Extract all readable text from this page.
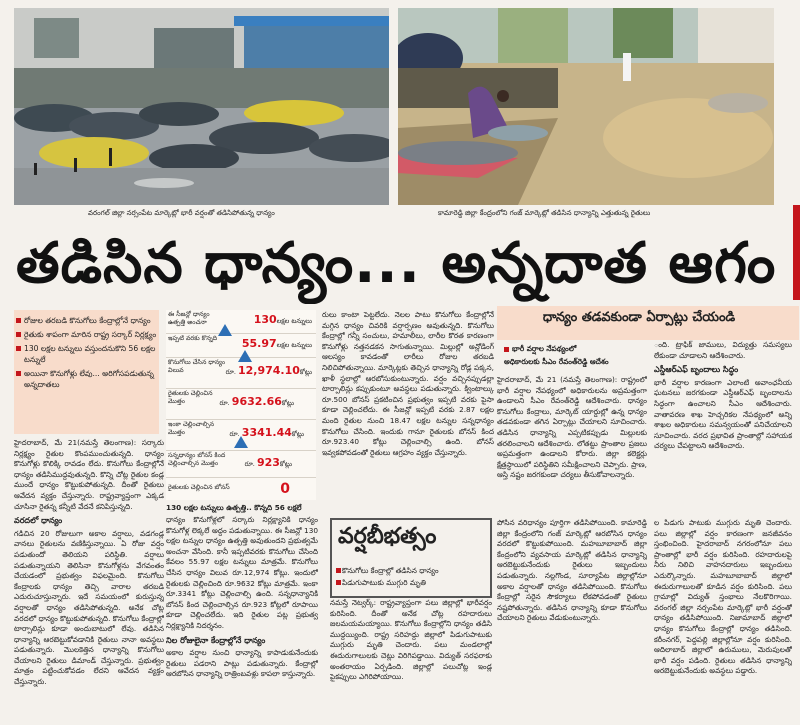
వరంగల్ జిల్లా నర్సంపేట మార్కెట్లో భారీ వర్షంతో తడిసిపోతున్న ధాన్యం	కామారెడ్డి జిల్లా కేంద్రంలోని గంజ్ మార్కెట్లో తడిసిన ధాన్యాన్ని ఎత్తుతున్న రైతులు
తడిసిన ధాన్యం... అన్నదాత ఆగం
రోజుల తరబడి కొనుగోలు కేంద్రాల్లోనే ధాన్యం
రైతుకు శాపంగా మారిన రాష్ట్ర సర్కార్ నిర్లక్ష్యం
130 లక్షల టన్నులు వస్తుందనుకొని 56 లక్షల టన్నులే
అయినా కొనుగోళ్లు లేవు... అరిగోసపడుతున్న అన్నదాతలు

హైదరాబాద్, మే 21(నమస్తే తెలంగాణ): సర్కారు నిర్లక్ష్యం రైతుల కొంపముంచుతున్నది. ధాన్యం కొనుగోళ్లు కొలిక్కి రావడం లేదు. కొనుగోలు కేంద్రాల్లోనే ధాన్యం తడిసిముద్దవుతున్నది. కొన్ని చోట్ల రైతుల కండ్ల ముందే ధాన్యం కొట్టుకుపోతున్నది. దీంతో రైతులు ఆవేదన వ్యక్తం చేస్తున్నారు. రాష్ట్రవ్యాప్తంగా ఎక్కడ చూసినా రైతన్న కన్నీటి వేదనే కనిపిస్తున్నది.

వరదలో ధాన్యం

గడిచిన 20 రోజులుగా అకాల వర్షాలు, వడగండ్ల వానలు రైతులను వణికిస్తున్నాయి. ఏ రోజు వర్షం పడుతుందో తెలియని పరిస్థితి. వర్షాలు పడుతున్నాయని తెలిసినా కొనుగోళ్లను వేగవంతం చేయడంలో ప్రభుత్వం విఫలమైంది. కొనుగోలు కేంద్రాలకు ధాన్యం తెచ్చి వారాల తరబడి ఎదురుచూస్తున్నారు. ఇదే సమయంలో కురుస్తున్న వర్షాలతో ధాన్యం తడిసిపోతున్నది. అనేక చోట్ల వరదలో ధాన్యం కొట్టుకుపోతున్నది. కొనుగోలు కేంద్రాల్లో టార్పాలిన్లు కూడా అందుబాటులో లేవు. తడిసిన ధాన్యాన్ని ఆరబెట్టుకోవడానికి రైతులు నానా అవస్థలు పడుతున్నారు. మొలకెత్తిన ధాన్యాన్ని కొనుగోలు చేయాలని రైతులు డిమాండ్ చేస్తున్నారు. ప్రభుత్వం మాత్రం పట్టించుకోవడం లేదని ఆవేదన వ్యక్తం చేస్తున్నారు.

ఈ సీజన్లో ధాన్యం ఉత్పత్తి అంచనా	130లక్షల టన్నులు
ఇప్పటి వరకు కొన్నది	55.97లక్షల టన్నులు
కొనుగోలు చేసిన ధాన్యం విలువ	రూ. 12,974.10కోట్లు
రైతులకు చెల్లించిన మొత్తం	రూ. 9632.66కోట్లు
ఇంకా చెల్లించాల్సిన మొత్తం	రూ. 3341.44కోట్లు
సన్నధాన్యం బోనస్ కింద చెల్లించాల్సిన మొత్తం	రూ. 923కోట్లు
రైతులకు చెల్లించిన బోనస్	0
130 లక్షల టన్నులు ఉత్పత్తి.. కొన్నది 56 లక్షలే

ధాన్యం కొనుగోళ్లలో సర్కారు నిర్లక్ష్యానికి ధాన్యం కొనుగోళ్ల లెక్కలే అద్దం పడుతున్నాయి. ఈ సీజన్లో 130 లక్షల టన్నుల ధాన్యం ఉత్పత్తి అవుతుందని ప్రభుత్వమే అంచనా వేసింది. కానీ ఇప్పటివరకు కొనుగోలు చేసింది కేవలం 55.97 లక్షల టన్నులు మాత్రమే. కొనుగోలు చేసిన ధాన్యం విలువ రూ.12,974 కోట్లు. ఇందులో రైతులకు చెల్లించింది రూ.9632 కోట్లు మాత్రమే. ఇంకా రూ.3341 కోట్లు చెల్లించాల్సి ఉంది. సన్నధాన్యానికి బోనస్ కింద చెల్లించాల్సిన రూ.923 కోట్లలో రూపాయి కూడా చెల్లించలేదు. ఇది రైతుల పట్ల ప్రభుత్వ నిర్లక్ష్యానికి నిదర్శనం.

నిల రోజులైనా కేంద్రాల్లోనే ధాన్యం

అకాల వర్షాల నుంచి ధాన్యాన్ని కాపాడుకునేందుకు రైతులు పడరాని పాట్లు పడుతున్నారు. కేంద్రాల్లో ఆరబోసిన ధాన్యాన్ని రాత్రింబవళ్లు కాపలా కాస్తున్నారు.

రులు కాంటా పెట్టలేదు. నెలల పాటు కొనుగోలు కేంద్రాల్లోనే మగ్గిన ధాన్యం చివరికి వర్షార్పణం అవుతున్నది. కొనుగోలు కేంద్రాల్లో గన్నీ సంచులు, హమాలీలు, లారీల కొరత కారణంగా కొనుగోళ్లు నత్తనడకన సాగుతున్నాయి. మిల్లుల్లో అన్లోడింగ్ ఆలస్యం కావడంతో లారీలు రోజుల తరబడి నిలిచిపోతున్నాయి. మార్కెట్లకు తెచ్చిన ధాన్యాన్ని రోడ్ల పక్కన, ఖాళీ స్థలాల్లో ఆరబోసుకుంటున్నారు. వర్షం వచ్చినప్పుడల్లా టార్పాలిన్లు కప్పుకుంటూ అవస్థలు పడుతున్నారు. క్వింటాల్కు రూ.500 బోనస్ ప్రకటించిన ప్రభుత్వం ఇప్పటి వరకు పైసా కూడా చెల్లించలేదు. ఈ సీజన్లో ఇప్పటి వరకు 2.87 లక్షల మంది రైతుల నుంచి 18.47 లక్షల టన్నుల సన్నధాన్యం కొనుగోలు చేసింది. ఇందుకు గానూ రైతులకు బోనస్ కింద రూ.923.40 కోట్లు చెల్లించాల్సి ఉంది. బోనస్ ఇవ్వకపోవడంతో రైతులు ఆగ్రహం వ్యక్తం చేస్తున్నారు.
వర్షబీభత్సం
కొనుగోలు కేంద్రాల్లో తడిసిన ధాన్యం
పిడుగుపాటుకు ముగ్గురి మృతి
నమస్తే నెట్వర్క్: రాష్ట్రవ్యాప్తంగా పలు జిల్లాల్లో భారీవర్షం కురిసింది. దీంతో అనేక చోట్ల రహదారులు జలమయమయ్యాయి. కొనుగోలు కేంద్రాల్లోని ధాన్యం తడిసి ముద్దయ్యింది. రాష్ట్ర సరిహద్దు జిల్లాలో పిడుగుపాటుకు ముగ్గురు మృతి చెందారు. పలు మండలాల్లో ఈదురుగాలులకు చెట్లు విరిగిపడ్డాయి. విద్యుత్ సరఫరాకు అంతరాయం ఏర్పడింది. జిల్లాల్లో పలుచోట్ల ఇండ్ల పైకప్పులు ఎగిరిపోయాయి.
ధాన్యం తడవకుండా ఏర్పాట్లు చేయండి
భారీ వర్షాల నేపథ్యంలో
అధికారులకు సీఎం రేవంత్‌రెడ్డి ఆదేశం
హైదరాబాద్, మే 21 (నమస్తే తెలంగాణ): రాష్ట్రంలో భారీ వర్షాల నేపథ్యంలో అధికారులను అప్రమత్తంగా ఉండాలని సీఎం రేవంత్‌రెడ్డి ఆదేశించారు. ధాన్యం కొనుగోలు కేంద్రాలు, మార్కెట్ యార్డుల్లో ఉన్న ధాన్యం తడవకుండా తగిన ఏర్పాట్లు చేయాలని సూచించారు. తడిసిన ధాన్యాన్ని ఎప్పటికప్పుడు మిల్లులకు తరలించాలని ఆదేశించారు. లోతట్టు ప్రాంతాల ప్రజలు అప్రమత్తంగా ఉండాలని కోరారు. జిల్లా కలెక్టర్లు క్షేత్రస్థాయిలో పరిస్థితిని సమీక్షించాలని చెప్పారు. ప్రాణ, ఆస్తి నష్టం జరగకుండా చర్యలు తీసుకోవాలన్నారు.

ంది. ట్రాఫిక్ జాములు, విద్యుత్తు సమస్యలు లేకుండా చూడాలని ఆదేశించారు.

ఎస్డీఆర్ఎఫ్ బృందాలు సిద్ధం

భారీ వర్షాల కారణంగా ఎలాంటి అవాంఛనీయ ఘటనలు జరగకుండా ఎస్డీఆర్ఎఫ్ బృందాలను సిద్ధంగా ఉంచాలని సీఎం ఆదేశించారు. వాతావరణ శాఖ హెచ్చరికల నేపథ్యంలో అన్ని శాఖల అధికారులు సమన్వయంతో పనిచేయాలని సూచించారు. వరద ప్రభావిత ప్రాంతాల్లో సహాయక చర్యలు చేపట్టాలని ఆదేశించారు.

పోసిన వరిధాన్యం పూర్తిగా తడిసిపోయింది. కామారెడ్డి జిల్లా కేంద్రంలోని గంజ్ మార్కెట్లో ఆరబోసిన ధాన్యం వరదలో కొట్టుకుపోయింది. మహబూబాబాద్ జిల్లా కేంద్రంలోని వ్యవసాయ మార్కెట్లో తడిసిన ధాన్యాన్ని ఆరబెట్టుకునేందుకు రైతులు ఇబ్బందులు పడుతున్నారు. నల్లగొండ, సూర్యాపేట జిల్లాల్లోనూ అకాల వర్షాలతో ధాన్యం తడిసిపోయింది. కొనుగోలు కేంద్రాల్లో సరైన సౌకర్యాలు లేకపోవడంతో రైతులు నష్టపోతున్నారు. తడిసిన ధాన్యాన్ని కూడా కొనుగోలు చేయాలని రైతులు వేడుకుంటున్నారు.
ల పిడుగు పాటుకు ముగ్గురు మృతి చెందారు. పలు జిల్లాల్లో వర్షం కారణంగా జనజీవనం స్తంభించింది. హైదరాబాద్ నగరంలోనూ పలు ప్రాంతాల్లో భారీ వర్షం కురిసింది. రహదారులపై నీరు నిలిచి వాహనదారులు ఇబ్బందులు ఎదుర్కొన్నారు. మహబూబాబాద్ జిల్లాలో ఈదురుగాలులతో కూడిన వర్షం కురిసింది. పలు గ్రామాల్లో విద్యుత్ స్తంభాలు నేలకొరిగాయి. వరంగల్ జిల్లా నర్సంపేట మార్కెట్లో భారీ వర్షంతో ధాన్యం తడిసిపోయింది. నిజామాబాద్ జిల్లాలో ధాన్యం కొనుగోలు కేంద్రాల్లో ధాన్యం తడిసింది. కరీంనగర్, పెద్దపల్లి జిల్లాల్లోనూ వర్షం కురిసింది. ఆదిలాబాద్ జిల్లాలో ఉరుములు, మెరుపులతో భారీ వర్షం పడింది. రైతులు తడిసిన ధాన్యాన్ని ఆరబెట్టుకునేందుకు అవస్థలు పడ్డారు.
